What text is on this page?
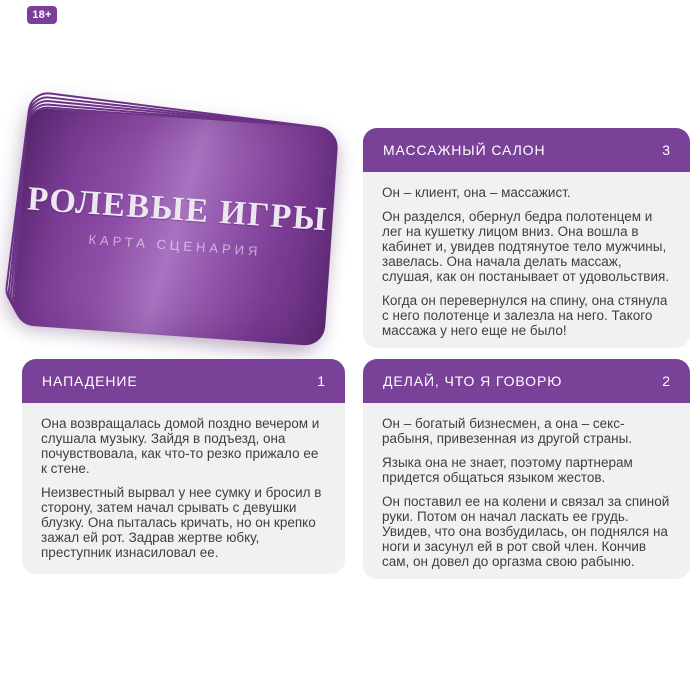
18+
РОЛЕВЫЕ ИГРЫ
КАРТА СЦЕНАРИЯ
МАССАЖНЫЙ САЛОН	3

Он – клиент, она – массажист.

Он разделся, обернул бедра полотенцем и лег на кушетку лицом вниз. Она вошла в кабинет и, увидев подтянутое тело мужчины, завелась. Она начала делать массаж, слушая, как он постанывает от удовольствия.

Когда он перевернулся на спину, она стянула с него полотенце и залезла на него. Такого массажа у него еще не было!

НАПАДЕНИЕ	1

Она возвращалась домой поздно вечером и слушала музыку. Зайдя в подъезд, она почувствовала, как что-то резко прижало ее к стене.

Неизвестный вырвал у нее сумку и бросил в сторону, затем начал срывать с девушки блузку. Она пыталась кричать, но он крепко зажал ей рот. Задрав жертве юбку, преступник изнасиловал ее.

ДЕЛАЙ, ЧТО Я ГОВОРЮ	2

Он – богатый бизнесмен, а она – секс-рабыня, привезенная из другой страны.

Языка она не знает, поэтому партнерам придется общаться языком жестов.

Он поставил ее на колени и связал за спиной руки. Потом он начал ласкать ее грудь. Увидев, что она возбудилась, он поднялся на ноги и засунул ей в рот свой член. Кончив сам, он довел до оргазма свою рабыню.
